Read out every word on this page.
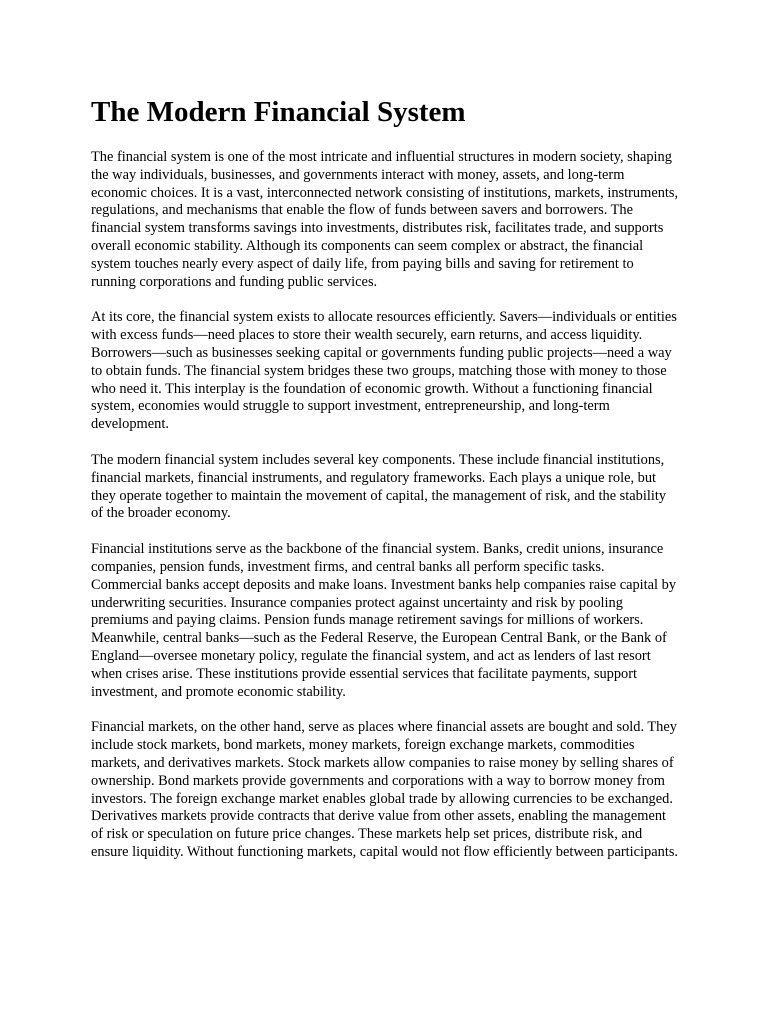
The Modern Financial System

The financial system is one of the most intricate and influential structures in modern society, shaping the way individuals, businesses, and governments interact with money, assets, and long-term economic choices. It is a vast, interconnected network consisting of institutions, markets, instruments, regulations, and mechanisms that enable the flow of funds between savers and borrowers. The financial system transforms savings into investments, distributes risk, facilitates trade, and supports overall economic stability. Although its components can seem complex or abstract, the financial system touches nearly every aspect of daily life, from paying bills and saving for retirement to running corporations and funding public services.

At its core, the financial system exists to allocate resources efficiently. Savers—individuals or entities with excess funds—need places to store their wealth securely, earn returns, and access liquidity. Borrowers—such as businesses seeking capital or governments funding public projects—need a way to obtain funds. The financial system bridges these two groups, matching those with money to those who need it. This interplay is the foundation of economic growth. Without a functioning financial system, economies would struggle to support investment, entrepreneurship, and long-term development.

The modern financial system includes several key components. These include financial institutions, financial markets, financial instruments, and regulatory frameworks. Each plays a unique role, but they operate together to maintain the movement of capital, the management of risk, and the stability of the broader economy.

Financial institutions serve as the backbone of the financial system. Banks, credit unions, insurance companies, pension funds, investment firms, and central banks all perform specific tasks. Commercial banks accept deposits and make loans. Investment banks help companies raise capital by underwriting securities. Insurance companies protect against uncertainty and risk by pooling premiums and paying claims. Pension funds manage retirement savings for millions of workers. Meanwhile, central banks—such as the Federal Reserve, the European Central Bank, or the Bank of England—oversee monetary policy, regulate the financial system, and act as lenders of last resort when crises arise. These institutions provide essential services that facilitate payments, support investment, and promote economic stability.

Financial markets, on the other hand, serve as places where financial assets are bought and sold. They include stock markets, bond markets, money markets, foreign exchange markets, commodities markets, and derivatives markets. Stock markets allow companies to raise money by selling shares of ownership. Bond markets provide governments and corporations with a way to borrow money from investors. The foreign exchange market enables global trade by allowing currencies to be exchanged. Derivatives markets provide contracts that derive value from other assets, enabling the management of risk or speculation on future price changes. These markets help set prices, distribute risk, and ensure liquidity. Without functioning markets, capital would not flow efficiently between participants.
